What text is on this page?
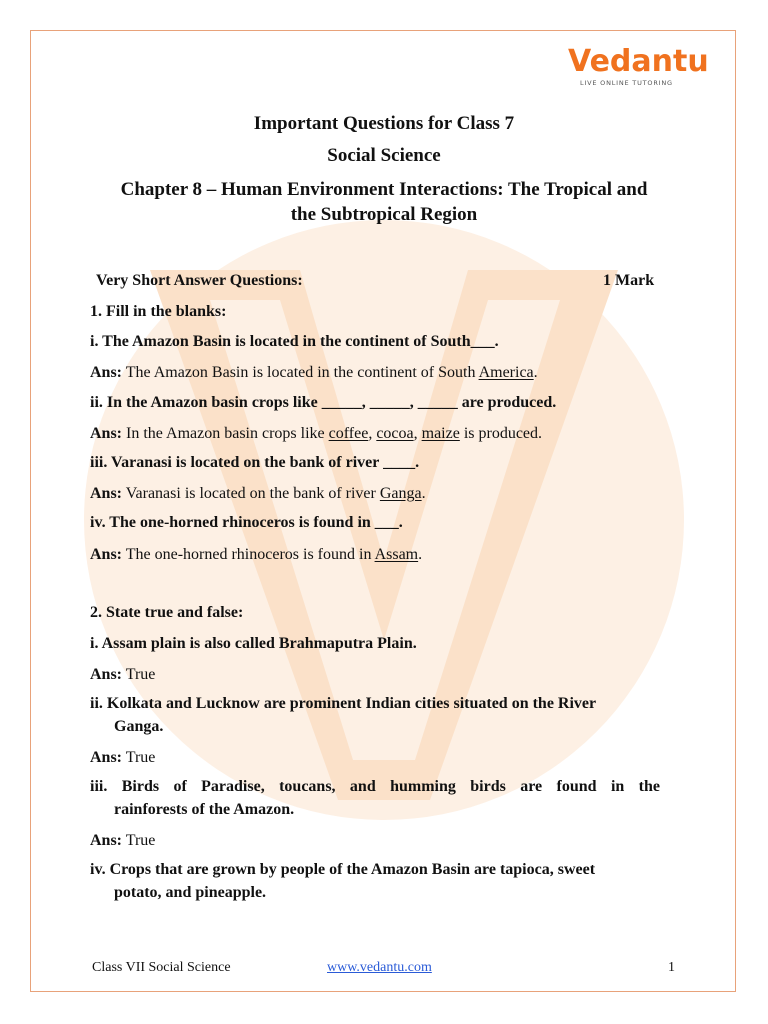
Vedantu
LIVE ONLINE TUTORING
Important Questions for Class 7
Social Science
Chapter 8 – Human Environment Interactions: The Tropical and
the Subtropical Region
Very Short Answer Questions:	1 Mark
1. Fill in the blanks:
i. The Amazon Basin is located in the continent of South___.
Ans: The Amazon Basin is located in the continent of South America.
ii. In the Amazon basin crops like _____, _____, _____ are produced.
Ans: In the Amazon basin crops like coffee, cocoa, maize is produced.
iii. Varanasi is located on the bank of river ____.
Ans: Varanasi is located on the bank of river Ganga.
iv. The one-horned rhinoceros is found in ___.
Ans: The one-horned rhinoceros is found in Assam.
2. State true and false:
i. Assam plain is also called Brahmaputra Plain.
Ans: True
ii. Kolkata and Lucknow are prominent Indian cities situated on the River
Ganga.
Ans: True
iii. Birds of Paradise, toucans, and humming birds are found in the
rainforests of the Amazon.
Ans: True
iv. Crops that are grown by people of the Amazon Basin are tapioca, sweet
potato, and pineapple.
Class VII Social Science	www.vedantu.com	1
